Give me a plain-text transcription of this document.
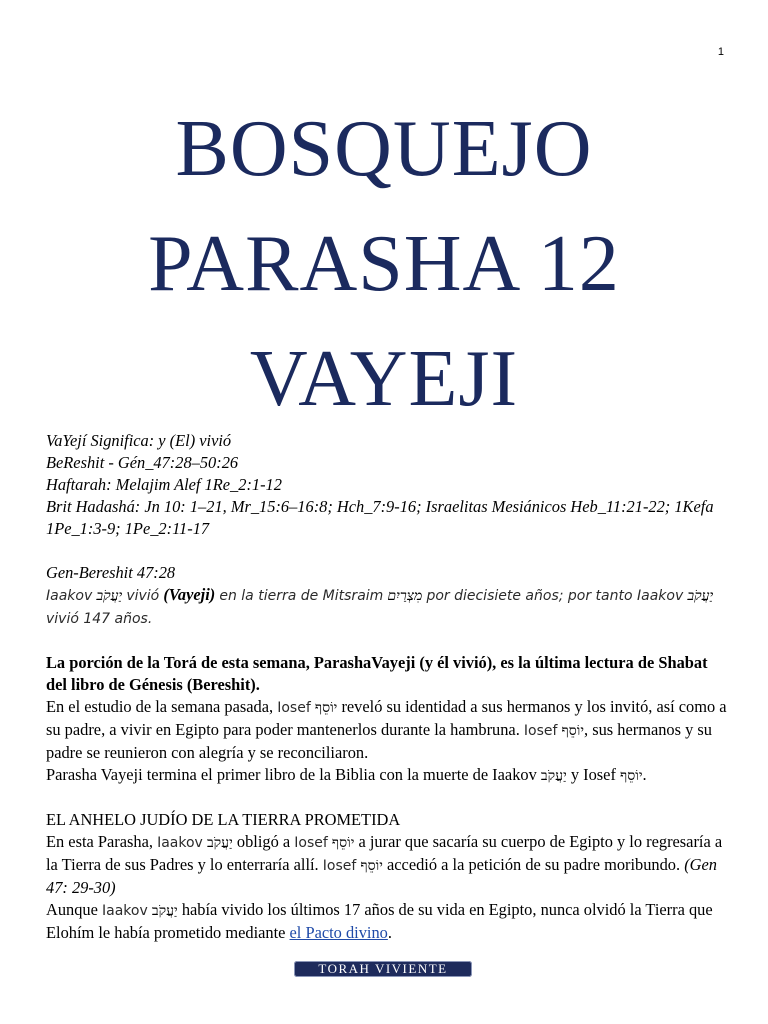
1
BOSQUEJO
PARASHA 12
VAYEJI
VaYejí Significa: y (El) vivió
BeReshit - Gén_47:28–50:26
Haftarah: Melajim Alef 1Re_2:1-12
Brit Hadashá: Jn 10: 1–21, Mr_15:6–16:8; Hch_7:9-16; Israelitas Mesiánicos Heb_11:21-22; 1Kefa 1Pe_1:3-9; 1Pe_2:11-17
Gen-Bereshit 47:28
Iaakov יַעֲקֹב vivió (Vayeji) en la tierra de Mitsraim מִצְרַיִם por diecisiete años; por tanto Iaakov יַעֲקֹב vivió 147 años.
La porción de la Torá de esta semana, ParashaVayeji (y él vivió), es la última lectura de Shabat del libro de Génesis (Bereshit).
En el estudio de la semana pasada, Iosef יוֹסֵף reveló su identidad a sus hermanos y los invitó, así como a su padre, a vivir en Egipto para poder mantenerlos durante la hambruna. Iosef יוֹסֵף, sus hermanos y su padre se reunieron con alegría y se reconciliaron.
Parasha Vayeji termina el primer libro de la Biblia con la muerte de Iaakov יַעֲקֹב y Iosef יוֹסֵף.
EL ANHELO JUDÍO DE LA TIERRA PROMETIDA
En esta Parasha, Iaakov יַעֲקֹב obligó a Iosef יוֹסֵף a jurar que sacaría su cuerpo de Egipto y lo regresaría a la Tierra de sus Padres y lo enterraría allí. Iosef יוֹסֵף accedió a la petición de su padre moribundo. (Gen 47: 29-30)
Aunque Iaakov יַעֲקֹב había vivido los últimos 17 años de su vida en Egipto, nunca olvidó la Tierra que Elohím le había prometido mediante el Pacto divino.
TORAH VIVIENTE
